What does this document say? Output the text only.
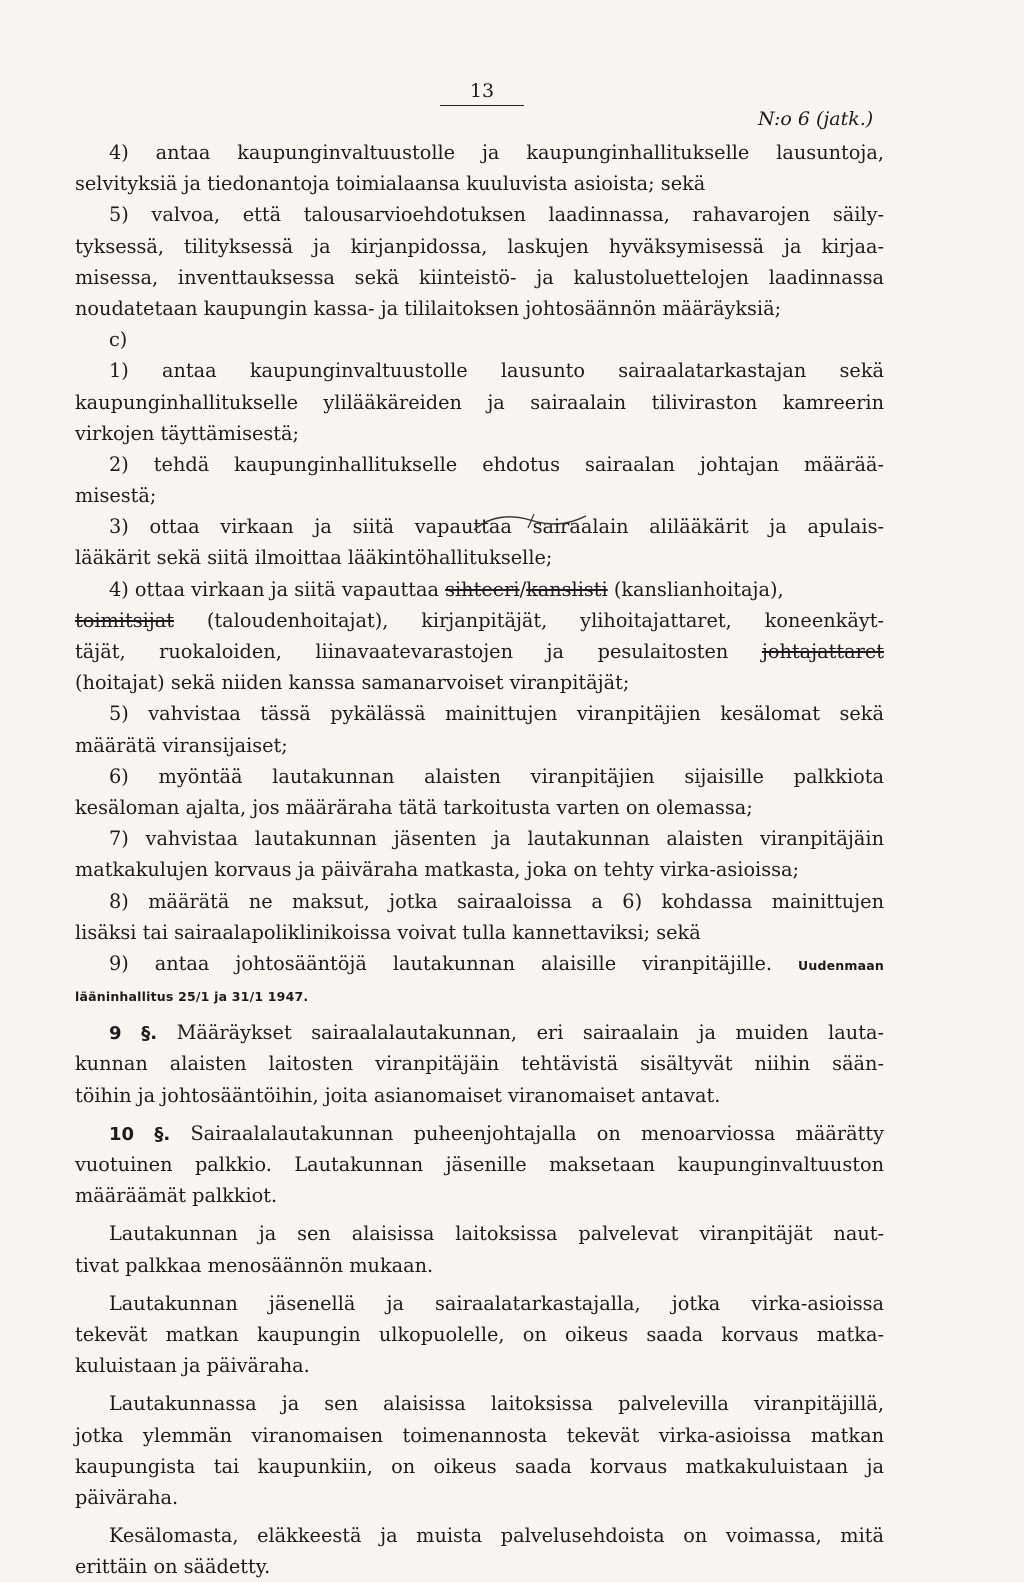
13
N:o 6 (jatk.)
4) antaa kaupunginvaltuustolle ja kaupunginhallitukselle lausuntoja,
selvityksiä ja tiedonantoja toimialaansa kuuluvista asioista; sekä
5) valvoa, että talousarvioehdotuksen laadinnassa, rahavarojen säily-
tyksessä, tilityksessä ja kirjanpidossa, laskujen hyväksymisessä ja kirjaa-
misessa, inventtauksessa sekä kiinteistö- ja kalustoluettelojen laadinnassa
noudatetaan kaupungin kassa- ja tililaitoksen johtosäännön määräyksiä;
c)
1) antaa kaupunginvaltuustolle lausunto sairaalatarkastajan sekä
kaupunginhallitukselle ylilääkäreiden ja sairaalain tiliviraston kamreerin
virkojen täyttämisestä;
2) tehdä kaupunginhallitukselle ehdotus sairaalan johtajan määrää-
misestä;
3) ottaa virkaan ja siitä vapauttaa sairaalain alilääkärit ja apulais-
lääkärit sekä siitä ilmoittaa lääkintöhallitukselle;
4) ottaa virkaan ja siitä vapauttaa sihteeri/kanslisti (kanslianhoitaja),
toimitsijat (taloudenhoitajat), kirjanpitäjät, ylihoitajattaret, koneenkäyt-
täjät, ruokaloiden, liinavaatevarastojen ja pesulaitosten johtajattaret
(hoitajat) sekä niiden kanssa samanarvoiset viranpitäjät;
5) vahvistaa tässä pykälässä mainittujen viranpitäjien kesälomat sekä
määrätä viransijaiset;
6) myöntää lautakunnan alaisten viranpitäjien sijaisille palkkiota
kesäloman ajalta, jos määräraha tätä tarkoitusta varten on olemassa;
7) vahvistaa lautakunnan jäsenten ja lautakunnan alaisten viranpitäjäin
matkakulujen korvaus ja päiväraha matkasta, joka on tehty virka-asioissa;
8) määrätä ne maksut, jotka sairaaloissa a 6) kohdassa mainittujen
lisäksi tai sairaalapoliklinikoissa voivat tulla kannettaviksi; sekä
9) antaa johtosääntöjä lautakunnan alaisille viranpitäjille. Uudenmaan
lääninhallitus 25/1 ja 31/1 1947.
9 §. Määräykset sairaalalautakunnan, eri sairaalain ja muiden lauta-
kunnan alaisten laitosten viranpitäjäin tehtävistä sisältyvät niihin sään-
töihin ja johtosääntöihin, joita asianomaiset viranomaiset antavat.
10 §. Sairaalalautakunnan puheenjohtajalla on menoarviossa määrätty
vuotuinen palkkio. Lautakunnan jäsenille maksetaan kaupunginvaltuuston
määräämät palkkiot.
Lautakunnan ja sen alaisissa laitoksissa palvelevat viranpitäjät naut-
tivat palkkaa menosäännön mukaan.
Lautakunnan jäsenellä ja sairaalatarkastajalla, jotka virka-asioissa
tekevät matkan kaupungin ulkopuolelle, on oikeus saada korvaus matka-
kuluistaan ja päiväraha.
Lautakunnassa ja sen alaisissa laitoksissa palvelevilla viranpitäjillä,
jotka ylemmän viranomaisen toimenannosta tekevät virka-asioissa matkan
kaupungista tai kaupunkiin, on oikeus saada korvaus matkakuluistaan ja
päiväraha.
Kesälomasta, eläkkeestä ja muista palvelusehdoista on voimassa, mitä
erittäin on säädetty.
